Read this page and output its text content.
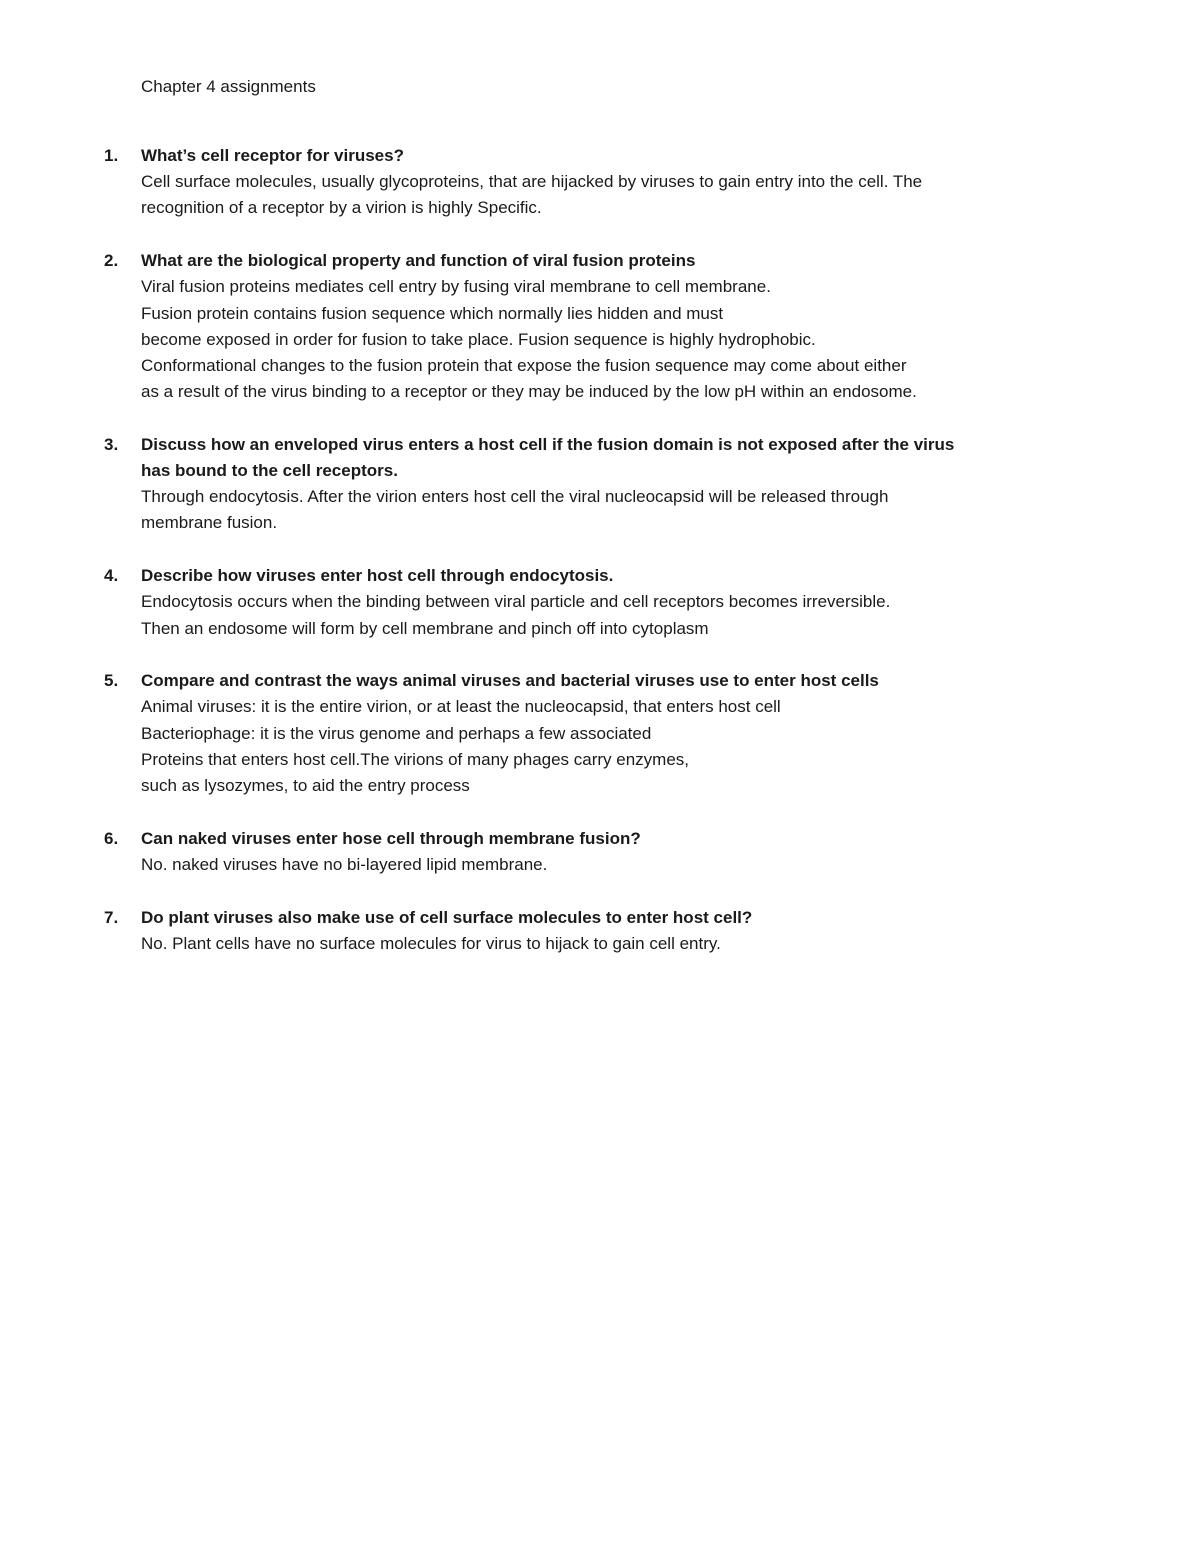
Chapter 4 assignments
1. What’s cell receptor for viruses?
Cell surface molecules, usually glycoproteins, that are hijacked by viruses to gain entry into the cell. The
recognition of a receptor by a virion is highly Specific.
2. What are the biological property and function of viral fusion proteins
Viral fusion proteins mediates cell entry by fusing viral membrane to cell membrane.
Fusion protein contains fusion sequence which normally lies hidden and must
become exposed in order for fusion to take place. Fusion sequence is highly hydrophobic.
Conformational changes to the fusion protein that expose the fusion sequence may come about either
as a result of the virus binding to a receptor or they may be induced by the low pH within an endosome.
3. Discuss how an enveloped virus enters a host cell if the fusion domain is not exposed after the virus
has bound to the cell receptors.
Through endocytosis. After the virion enters host cell the viral nucleocapsid will be released through
membrane fusion.
4. Describe how viruses enter host cell through endocytosis.
Endocytosis occurs when the binding between viral particle and cell receptors becomes irreversible.
Then an endosome will form by cell membrane and pinch off into cytoplasm
5. Compare and contrast the ways animal viruses and bacterial viruses use to enter host cells
Animal viruses: it is the entire virion, or at least the nucleocapsid, that enters host cell
Bacteriophage: it is the virus genome and perhaps a few associated
Proteins that enters host cell.The virions of many phages carry enzymes,
such as lysozymes, to aid the entry process
6. Can naked viruses enter hose cell through membrane fusion?
No. naked viruses have no bi-layered lipid membrane.
7. Do plant viruses also make use of cell surface molecules to enter host cell?
No. Plant cells have no surface molecules for virus to hijack to gain cell entry.
